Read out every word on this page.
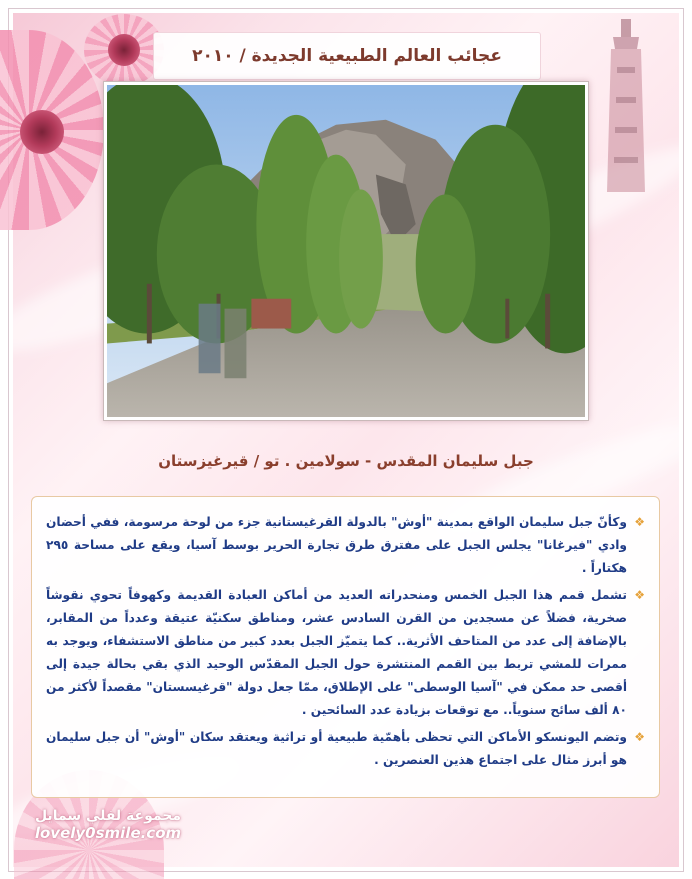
عجائب العالم الطبيعية الجديدة / ٢٠١٠
جبل سليمان المقدس - سولامين . تو / قيرغيزستان
❖
وكأنّ جبل سليمان الواقع بمدينة "أوش" بالدولة القرغيستانية جزء من لوحة مرسومة، ففي أحضان وادي "فيرغانا" يجلس الجبل على مفترق طرق تجارة الحرير بوسط آسيا، ويقع على مساحة ٢٩٥ هكتاراً .
❖
تشمل قمم هذا الجبل الخمس ومنحدراته العديد من أماكن العبادة القديمة وكهوفاً تحوي نقوشاً صخرية، فضلاً عن مسجدين من القرن السادس عشر، ومناطق سكنيّة عتيقة وعدداً من المقابر، بالإضافة إلى عدد من المتاحف الأثرية.. كما يتميّز الجبل بعدد كبير من مناطق الاستشفاء، ويوجد به ممرات للمشي تربط بين القمم المنتشرة حول الجبل المقدّس الوحيد الذي بقي بحالة جيدة إلى أقصى حد ممكن في "آسيا الوسطى" على الإطلاق، ممّا جعل دولة "قرغيسستان" مقصداً لأكثر من ٨٠ ألف سائح سنوياً.. مع توقعات بزيادة عدد السائحين .
❖
وتضم اليونسكو الأماكن التي تحظى بأهمّية طبيعية أو تراثية ويعتقد سكان "أوش" أن جبل سليمان هو أبرز مثال على اجتماع هذين العنصرين .
مجموعة لفلي سمايل
lovely0smile.com
